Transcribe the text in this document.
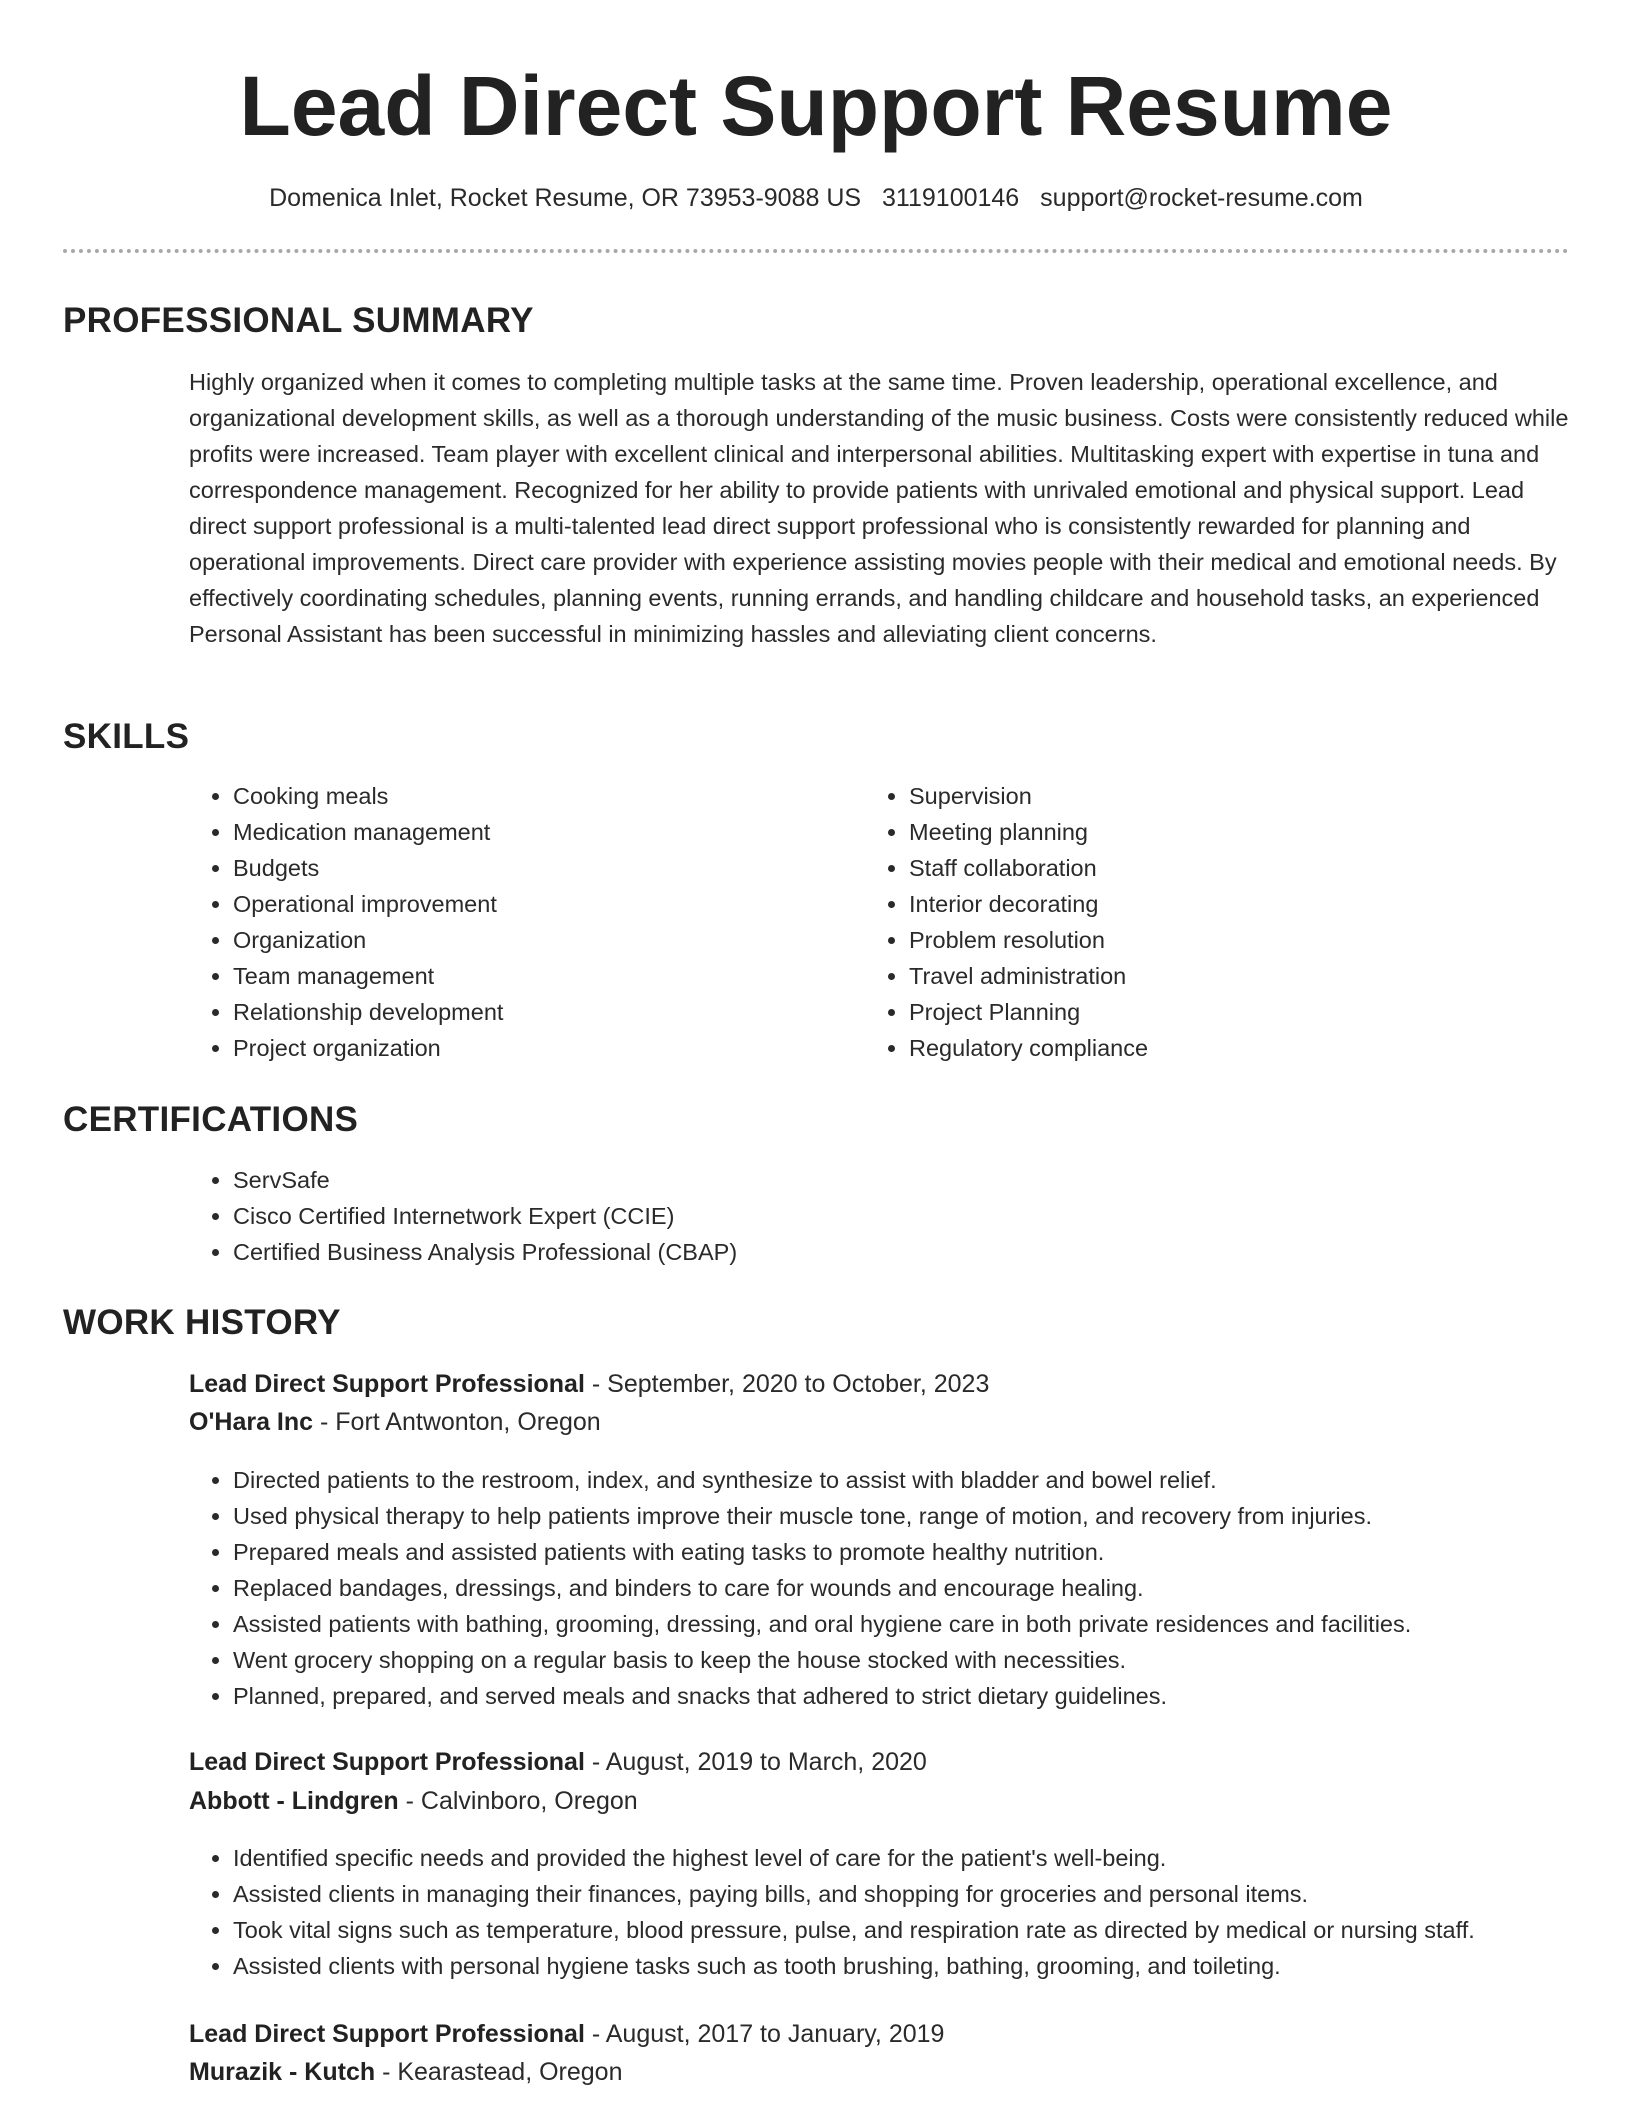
Lead Direct Support Resume
Domenica Inlet, Rocket Resume, OR 73953-9088 US 3119100146 support@rocket-resume.com
PROFESSIONAL SUMMARY

Highly organized when it comes to completing multiple tasks at the same time. Proven leadership, operational excellence, and organizational development skills, as well as a thorough understanding of the music business. Costs were consistently reduced while profits were increased. Team player with excellent clinical and interpersonal abilities. Multitasking expert with expertise in tuna and correspondence management. Recognized for her ability to provide patients with unrivaled emotional and physical support. Lead direct support professional is a multi-talented lead direct support professional who is consistently rewarded for planning and operational improvements. Direct care provider with experience assisting movies people with their medical and emotional needs. By effectively coordinating schedules, planning events, running errands, and handling childcare and household tasks, an experienced Personal Assistant has been successful in minimizing hassles and alleviating client concerns.

SKILLS
• Cooking meals
• Medication management
• Budgets
• Operational improvement
• Organization
• Team management
• Relationship development
• Project organization
• Supervision
• Meeting planning
• Staff collaboration
• Interior decorating
• Problem resolution
• Travel administration
• Project Planning
• Regulatory compliance
CERTIFICATIONS
• ServSafe
• Cisco Certified Internetwork Expert (CCIE)
• Certified Business Analysis Professional (CBAP)
WORK HISTORY
Lead Direct Support Professional - September, 2020 to October, 2023
O'Hara Inc - Fort Antwonton, Oregon
• Directed patients to the restroom, index, and synthesize to assist with bladder and bowel relief.
• Used physical therapy to help patients improve their muscle tone, range of motion, and recovery from injuries.
• Prepared meals and assisted patients with eating tasks to promote healthy nutrition.
• Replaced bandages, dressings, and binders to care for wounds and encourage healing.
• Assisted patients with bathing, grooming, dressing, and oral hygiene care in both private residences and facilities.
• Went grocery shopping on a regular basis to keep the house stocked with necessities.
• Planned, prepared, and served meals and snacks that adhered to strict dietary guidelines.
Lead Direct Support Professional - August, 2019 to March, 2020
Abbott - Lindgren - Calvinboro, Oregon
• Identified specific needs and provided the highest level of care for the patient's well-being.
• Assisted clients in managing their finances, paying bills, and shopping for groceries and personal items.
• Took vital signs such as temperature, blood pressure, pulse, and respiration rate as directed by medical or nursing staff.
• Assisted clients with personal hygiene tasks such as tooth brushing, bathing, grooming, and toileting.
Lead Direct Support Professional - August, 2017 to January, 2019
Murazik - Kutch - Kearastead, Oregon
